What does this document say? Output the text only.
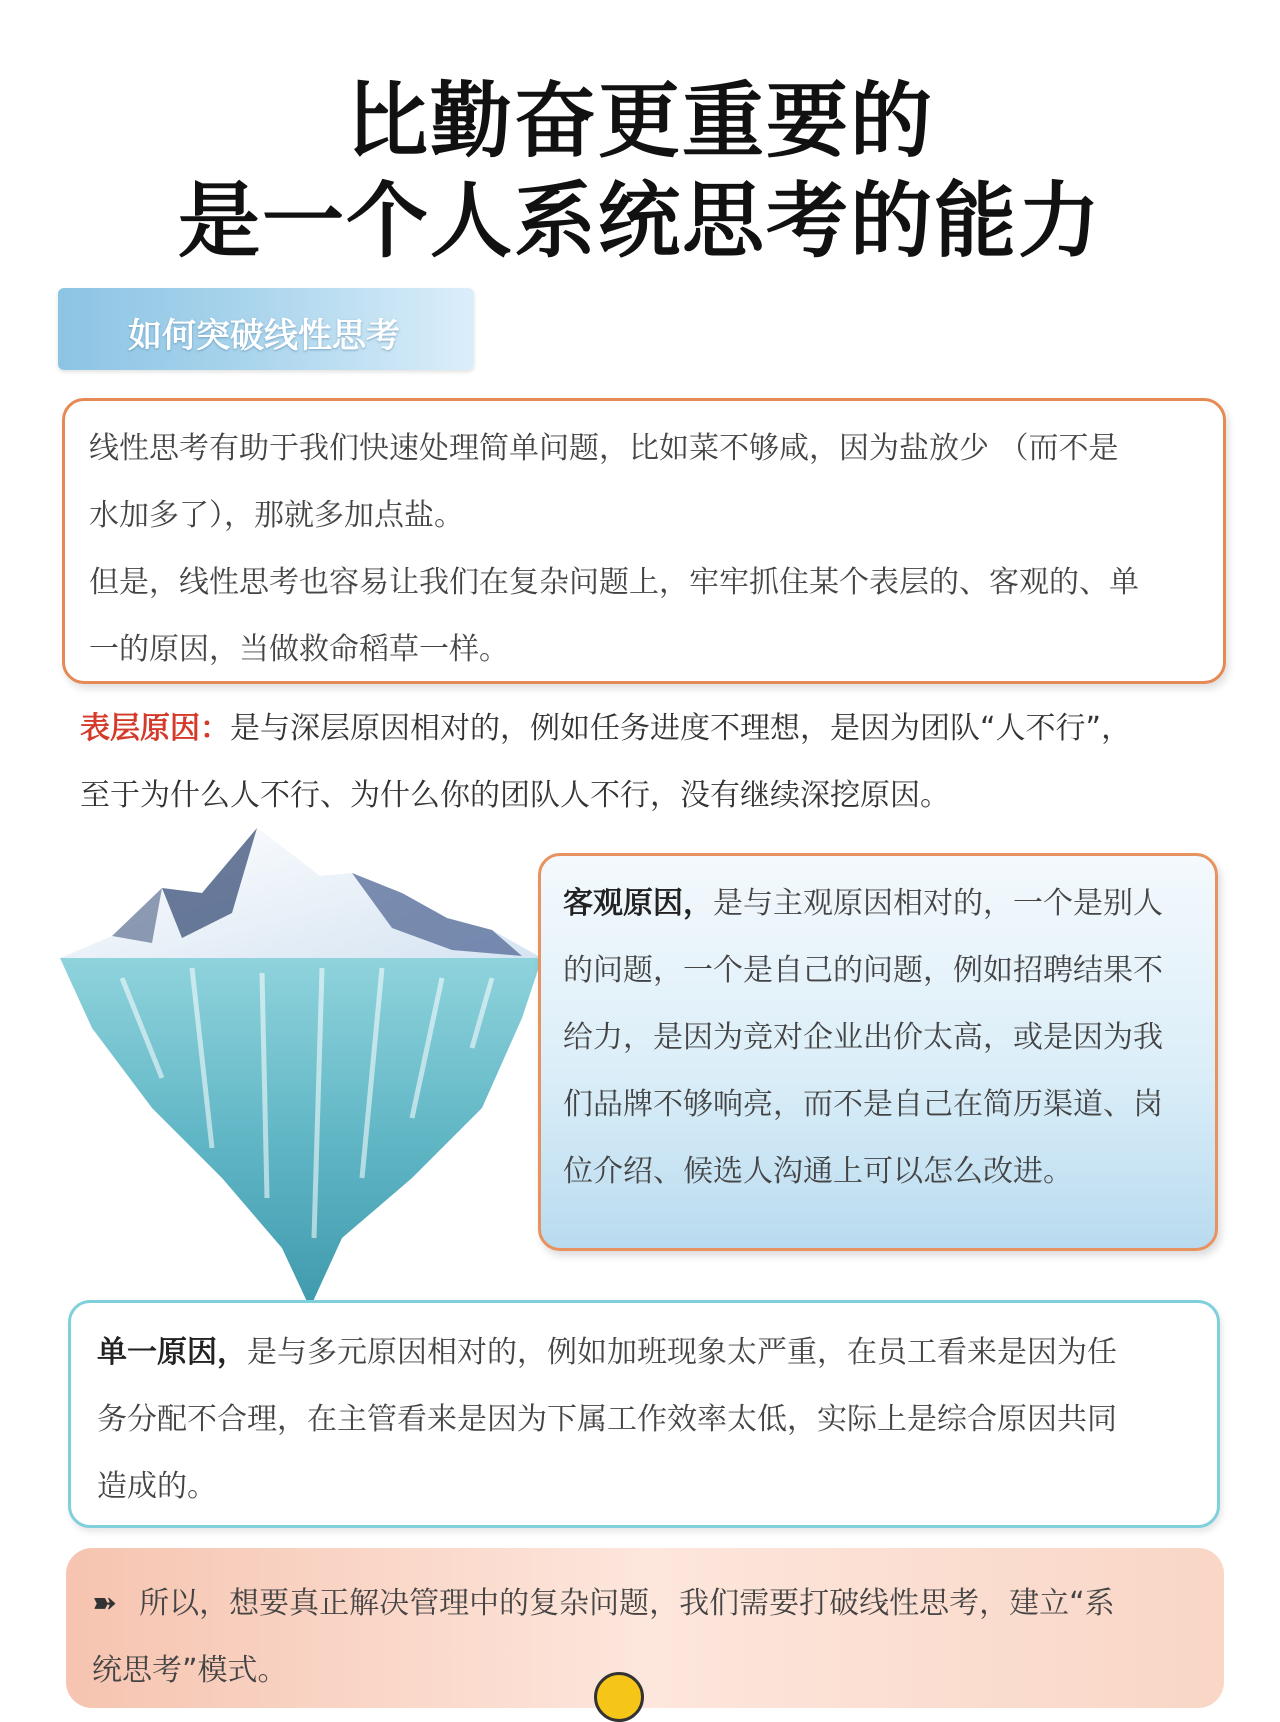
比勤奋更重要的
是一个人系统思考的能力
如何突破线性思考

线性思考有助于我们快速处理简单问题，比如菜不够咸，因为盐放少 （而不是

水加多了），那就多加点盐。

但是，线性思考也容易让我们在复杂问题上，牢牢抓住某个表层的、客观的、单

一的原因，当做救命稻草一样。

表层原因：是与深层原因相对的，例如任务进度不理想，是因为团队“人不行”，
至于为什么人不行、为什么你的团队人不行，没有继续深挖原因。

客观原因，是与主观原因相对的，一个是别人

的问题，一个是自己的问题，例如招聘结果不

给力，是因为竞对企业出价太高，或是因为我

们品牌不够响亮，而不是自己在简历渠道、岗

位介绍、候选人沟通上可以怎么改进。

单一原因，是与多元原因相对的，例如加班现象太严重，在员工看来是因为任

务分配不合理，在主管看来是因为下属工作效率太低，实际上是综合原因共同

造成的。

➽ 所以，想要真正解决管理中的复杂问题，我们需要打破线性思考，建立“系

统思考”模式。
